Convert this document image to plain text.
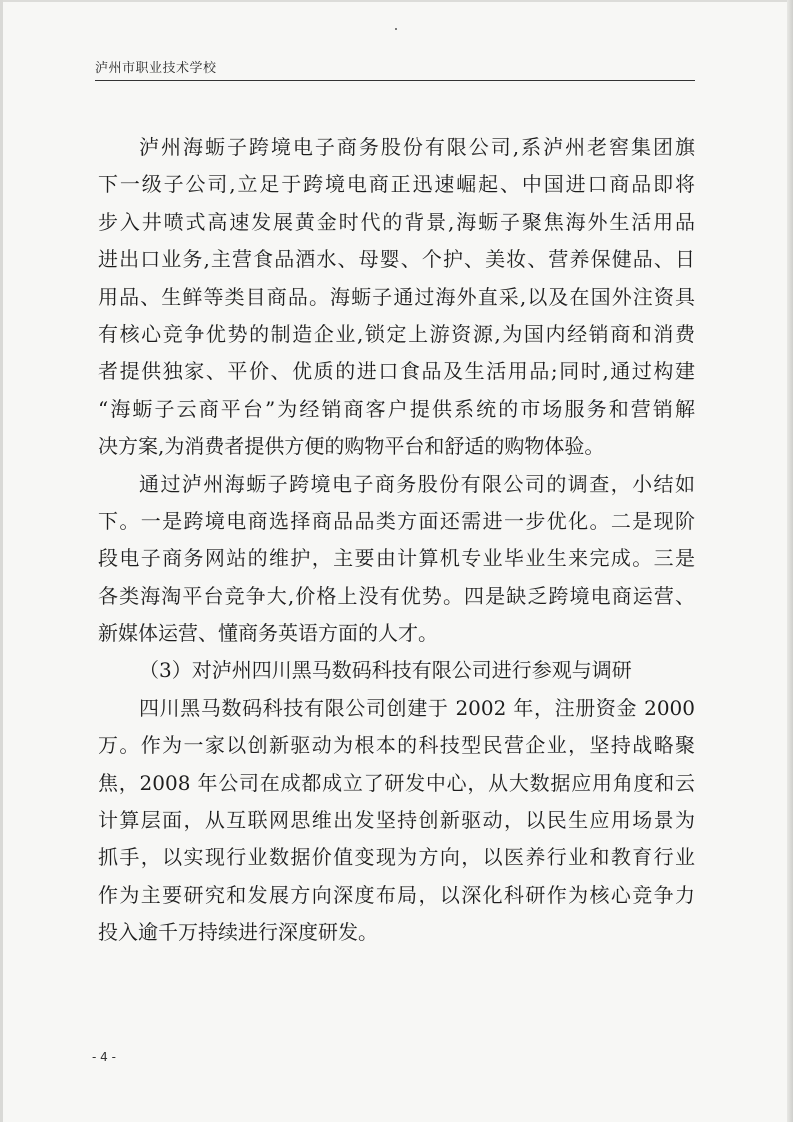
泸州市职业技术学校
泸州海蛎子跨境电子商务股份有限公司,系泸州老窖集团旗
下一级子公司,立足于跨境电商正迅速崛起、中国进口商品即将
步入井喷式高速发展黄金时代的背景,海蛎子聚焦海外生活用品
进出口业务,主营食品酒水、母婴、个护、美妆、营养保健品、日
用品、生鲜等类目商品。海蛎子通过海外直采,以及在国外注资具
有核心竞争优势的制造企业,锁定上游资源,为国内经销商和消费
者提供独家、平价、优质的进口食品及生活用品;同时,通过构建
“海蛎子云商平台”为经销商客户提供系统的市场服务和营销解
决方案,为消费者提供方便的购物平台和舒适的购物体验。
通过泸州海蛎子跨境电子商务股份有限公司的调查，小结如
下。一是跨境电商选择商品品类方面还需进一步优化。二是现阶
段电子商务网站的维护，主要由计算机专业毕业生来完成。三是
各类海淘平台竞争大,价格上没有优势。四是缺乏跨境电商运营、
新媒体运营、懂商务英语方面的人才。
（3）对泸州四川黑马数码科技有限公司进行参观与调研
四川黑马数码科技有限公司创建于 2002 年，注册资金 2000
万。作为一家以创新驱动为根本的科技型民营企业，坚持战略聚
焦，2008 年公司在成都成立了研发中心，从大数据应用角度和云
计算层面，从互联网思维出发坚持创新驱动，以民生应用场景为
抓手，以实现行业数据价值变现为方向，以医养行业和教育行业
作为主要研究和发展方向深度布局，以深化科研作为核心竞争力
投入逾千万持续进行深度研发。
- 4 -
